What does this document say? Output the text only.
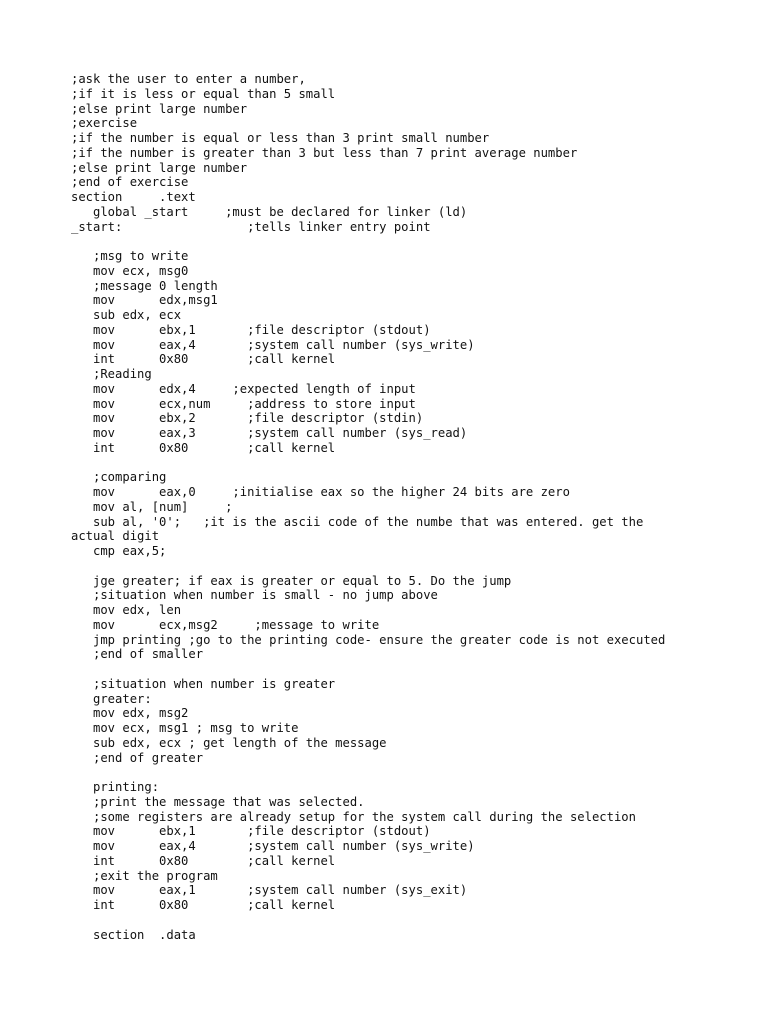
;ask the user to enter a number,
;if it is less or equal than 5 small
;else print large number
;exercise
;if the number is equal or less than 3 print small number
;if the number is greater than 3 but less than 7 print average number
;else print large number
;end of exercise
section     .text
global _start     ;must be declared for linker (ld)
_start:                 ;tells linker entry point
;msg to write
mov ecx, msg0
;message 0 length
mov      edx,msg1
sub edx, ecx
mov      ebx,1       ;file descriptor (stdout)
mov      eax,4       ;system call number (sys_write)
int      0x80        ;call kernel
;Reading
mov      edx,4     ;expected length of input
mov      ecx,num     ;address to store input
mov      ebx,2       ;file descriptor (stdin)
mov      eax,3       ;system call number (sys_read)
int      0x80        ;call kernel
;comparing
mov      eax,0     ;initialise eax so the higher 24 bits are zero
mov al, [num]     ;
sub al, '0';   ;it is the ascii code of the numbe that was entered. get the
actual digit
cmp eax,5;
jge greater; if eax is greater or equal to 5. Do the jump
;situation when number is small - no jump above
mov edx, len
mov      ecx,msg2     ;message to write
jmp printing ;go to the printing code- ensure the greater code is not executed
;end of smaller
;situation when number is greater
greater:
mov edx, msg2
mov ecx, msg1 ; msg to write
sub edx, ecx ; get length of the message
;end of greater
printing:
;print the message that was selected.
;some registers are already setup for the system call during the selection
mov      ebx,1       ;file descriptor (stdout)
mov      eax,4       ;system call number (sys_write)
int      0x80        ;call kernel
;exit the program
mov      eax,1       ;system call number (sys_exit)
int      0x80        ;call kernel
section  .data
